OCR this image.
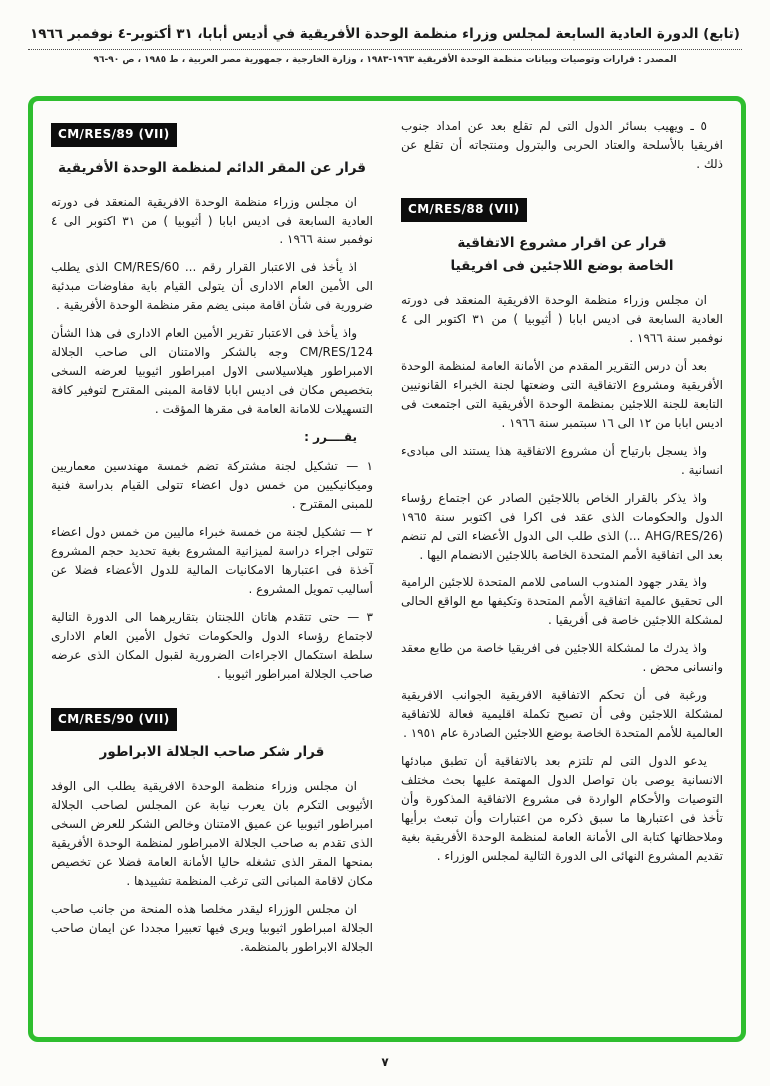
(تابع) الدورة العادية السابعة لمجلس وزراء منظمة الوحدة الأفريقية في أديس أبابا، ٣١ أكتوبر-٤ نوفمبر ١٩٦٦
المصدر : قرارات وتوصيات وبيانات منظمة الوحدة الأفريقية ١٩٦٣-١٩٨٣ ، وزارة الخارجية ، جمهورية مصر العربية ، ط ١٩٨٥ ، ص ٩٠-٩٦

٥ ـ ويهيب بسائر الدول التى لم تقلع بعد عن امداد جنوب افريقيا بالأسلحة والعتاد الحربى والبترول ومنتجاته أن تقلع عن ذلك .

CM/RES/88 (VII)
قرار عن اقرار مشروع الاتفاقية
الخاصة بوضع اللاجئين فى افريقيا

ان مجلس وزراء منظمة الوحدة الافريقية المنعقد فى دورته العادية السابعة فى اديس ابابا ( أثيوبيا ) من ٣١ اكتوبر الى ٤ نوفمبر سنة ١٩٦٦ .

بعد أن درس التقرير المقدم من الأمانة العامة لمنظمة الوحدة الأفريقية ومشروع الاتفاقية التى وضعتها لجنة الخبراء القانونيين التابعة للجنة اللاجئين بمنظمة الوحدة الأفريقية التى اجتمعت فى اديس ابابا من ١٢ الى ١٦ سبتمبر سنة ١٩٦٦ .

واذ يسجل بارتياح أن مشروع الاتفاقية هذا يستند الى مبادىء انسانية .

واذ يذكر بالقرار الخاص باللاجئين الصادر عن اجتماع رؤساء الدول والحكومات الذى عقد فى اكرا فى اكتوبر سنة ١٩٦٥ (AHG/RES/26 ...) الذى طلب الى الدول الأعضاء التى لم تنضم بعد الى اتفاقية الأمم المتحدة الخاصة باللاجئين الانضمام اليها .

واذ يقدر جهود المندوب السامى للامم المتحدة للاجئين الرامية الى تحقيق عالمية اتفاقية الأمم المتحدة وتكيفها مع الواقع الحالى لمشكلة اللاجئين خاصة فى أفريقيا .

واذ يدرك ما لمشكلة اللاجئين فى افريقيا خاصة من طابع معقد وانسانى محض .

ورغبة فى أن تحكم الاتفاقية الافريقية الجوانب الافريقية لمشكلة اللاجئين وفى أن تصبح تكملة اقليمية فعالة للاتفاقية العالمية للأمم المتحدة الخاصة بوضع اللاجئين الصادرة عام ١٩٥١ .

يدعو الدول التى لم تلتزم بعد بالاتفاقية أن تطبق مبادئها الانسانية يوصى بان تواصل الدول المهتمة عليها بحث مختلف التوصيات والأحكام الواردة فى مشروع الاتفاقية المذكورة وأن تأخذ فى اعتبارها ما سبق ذكره من اعتبارات وأن تبعث برأيها وملاحظاتها كتابة الى الأمانة العامة لمنظمة الوحدة الأفريقية بغية تقديم المشروع النهائى الى الدورة التالية لمجلس الوزراء .

CM/RES/89 (VII)
قرار عن المقر الدائم لمنظمة الوحدة الأفريقية

ان مجلس وزراء منظمة الوحدة الافريقية المنعقد فى دورته العادية السابعة فى اديس ابابا ( أثيوبيا ) من ٣١ اكتوبر الى ٤ نوفمبر سنة ١٩٦٦ .

اذ يأخذ فى الاعتبار القرار رقم ... CM/RES/60 الذى يطلب الى الأمين العام الادارى أن يتولى القيام باية مفاوضات مبدئية ضرورية فى شأن اقامة مبنى يضم مقر منظمة الوحدة الأفريقية .

واذ يأخذ فى الاعتبار تقرير الأمين العام الادارى فى هذا الشأن CM/RES/124 وجه بالشكر والامتنان الى صاحب الجلالة الامبراطور هيلاسيلاسى الاول امبراطور اثيوبيا لعرضه السخى بتخصيص مكان فى اديس ابابا لاقامة المبنى المقترح لتوفير كافة التسهيلات للامانة العامة فى مقرها المؤقت .

يقــــرر :

١ — تشكيل لجنة مشتركة تضم خمسة مهندسين معماريين وميكانيكيين من خمس دول اعضاء تتولى القيام بدراسة فنية للمبنى المقترح .

٢ — تشكيل لجنة من خمسة خبراء ماليين من خمس دول اعضاء تتولى اجراء دراسة لميزانية المشروع بغية تحديد حجم المشروع آخذة فى اعتبارها الامكانيات المالية للدول الأعضاء فضلا عن أساليب تمويل المشروع .

٣ — حتى تتقدم هاتان اللجنتان بتقاريرهما الى الدورة التالية لاجتماع رؤساء الدول والحكومات تخول الأمين العام الادارى سلطة استكمال الاجراءات الضرورية لقبول المكان الذى عرضه صاحب الجلالة امبراطور اثيوبيا .

CM/RES/90 (VII)
قرار شكر صاحب الجلالة الابراطور

ان مجلس وزراء منظمة الوحدة الافريقية يطلب الى الوفد الأثيوبى التكرم بان يعرب نيابة عن المجلس لصاحب الجلالة امبراطور اثيوبيا عن عميق الامتنان وخالص الشكر للعرض السخى الذى تقدم به صاحب الجلالة الامبراطور لمنظمة الوحدة الأفريقية بمنحها المقر الذى تشغله حاليا الأمانة العامة فضلا عن تخصيص مكان لاقامة المبانى التى ترغب المنظمة تشييدها .

ان مجلس الوزراء ليقدر مخلصا هذه المنحة من جانب صاحب الجلالة امبراطور اثيوبيا ويرى فيها تعبيرا مجددا عن ايمان صاحب الجلالة الابراطور بالمنظمة.

٧
